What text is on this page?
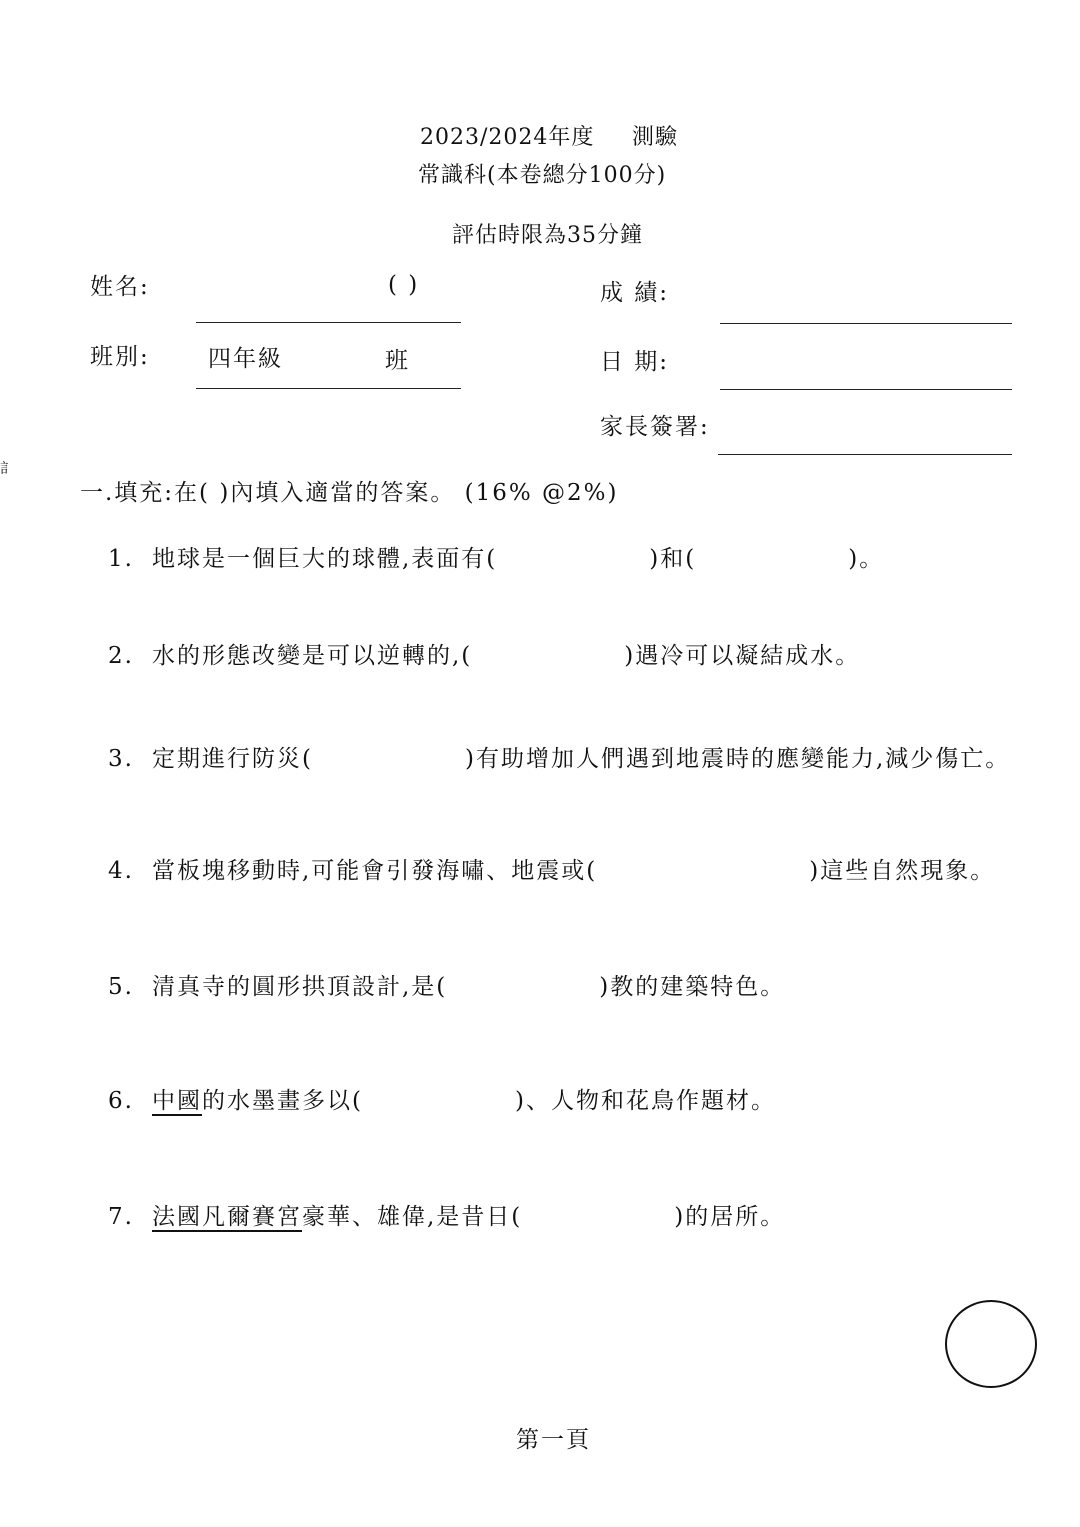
2023/2024年度 測驗
常識科(本卷總分100分)
評估時限為35分鐘
姓名:	( )	成 績:
班別:	四年級	班	日 期:
家長簽署:
訁
一.填充:在( )內填入適當的答案。 (16% @2%)
1. 地球是一個巨大的球體,表面有(	)和(	)。
2. 水的形態改變是可以逆轉的,(	)遇冷可以凝結成水。
3. 定期進行防災(	)有助增加人們遇到地震時的應變能力,減少傷亡。
4. 當板塊移動時,可能會引發海嘯、地震或(	)這些自然現象。
5. 清真寺的圓形拱頂設計,是(	)教的建築特色。
6. 中國的水墨畫多以(	)、人物和花鳥作題材。
7. 法國凡爾賽宮豪華、雄偉,是昔日(	)的居所。
第一頁
